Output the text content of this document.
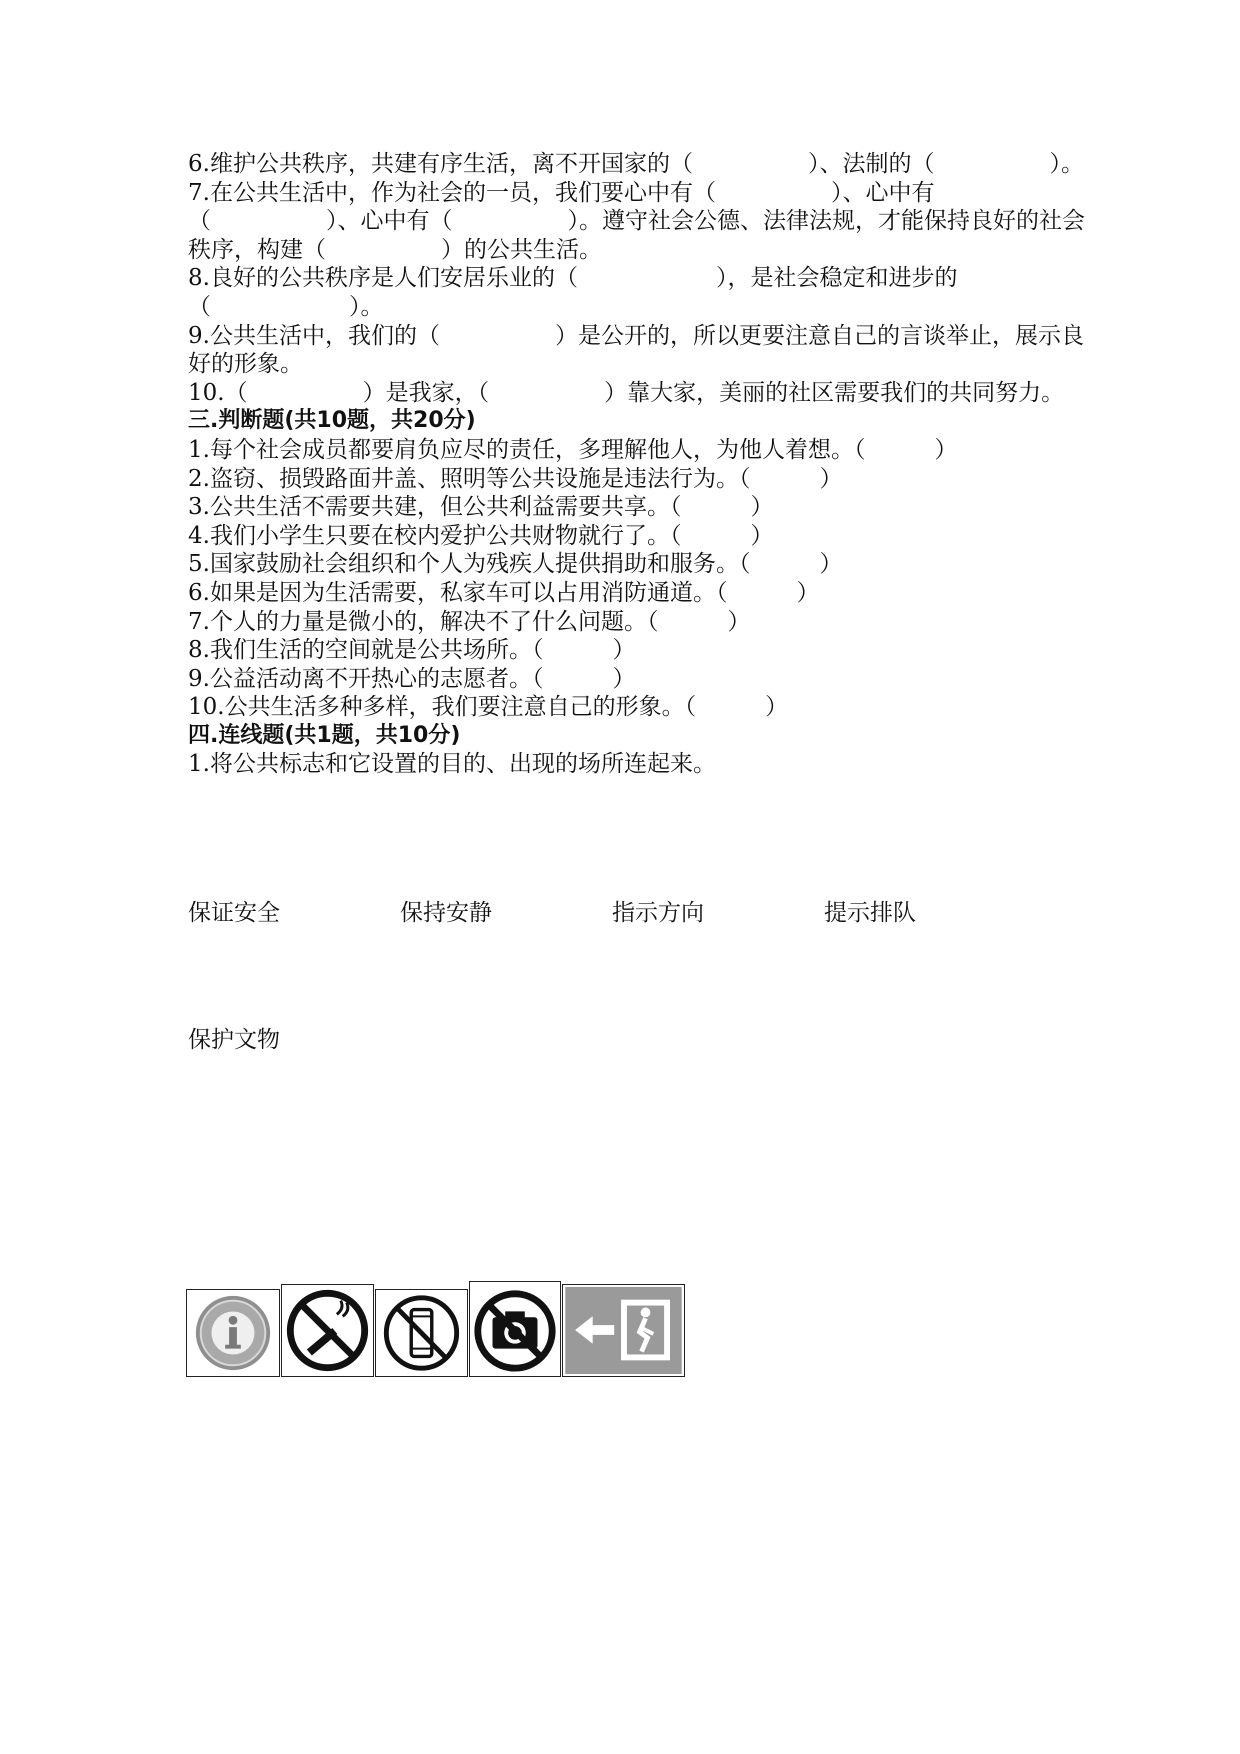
6.维护公共秩序，共建有序生活，离不开国家的（　　　　　）、法制的（　　　　　）。

7.在公共生活中，作为社会的一员，我们要心中有（　　　　　）、心中有（　　　　　）、心中有（　　　　　）。遵守社会公德、法律法规，才能保持良好的社会秩序，构建（　　　　　）的公共生活。

8.良好的公共秩序是人们安居乐业的（　　　　　　），是社会稳定和进步的（　　　　　　）。

9.公共生活中，我们的（　　　　　）是公开的，所以更要注意自己的言谈举止，展示良好的形象。

10.（　　　　　）是我家，（　　　　　）靠大家，美丽的社区需要我们的共同努力。

三.判断题(共10题，共20分)

1.每个社会成员都要肩负应尽的责任，多理解他人，为他人着想。（　　　）

2.盗窃、损毁路面井盖、照明等公共设施是违法行为。（　　　）

3.公共生活不需要共建，但公共利益需要共享。（　　　）

4.我们小学生只要在校内爱护公共财物就行了。（　　　）

5.国家鼓励社会组织和个人为残疾人提供捐助和服务。（　　　）

6.如果是因为生活需要，私家车可以占用消防通道。（　　　）

7.个人的力量是微小的，解决不了什么问题。（　　　）

8.我们生活的空间就是公共场所。（　　　）

9.公益活动离不开热心的志愿者。（　　　）

10.公共生活多种多样，我们要注意自己的形象。（　　　）

四.连线题(共1题，共10分)

1.将公共标志和它设置的目的、出现的场所连起来。

保证安全	保持安静	指示方向	提示排队
保护文物
